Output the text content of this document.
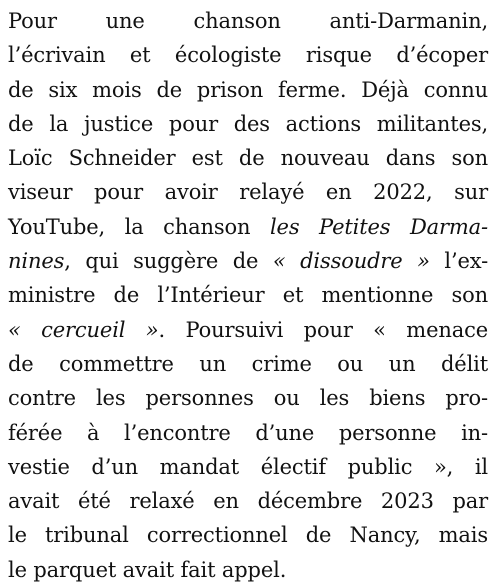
Pour une chanson anti-Darmanin,
l’écrivain et écologiste risque d’écoper
de six mois de prison ferme. Déjà connu
de la justice pour des actions militantes,
Loïc Schneider est de nouveau dans son
viseur pour avoir relayé en 2022, sur
YouTube, la chanson les Petites Darma-
nines, qui suggère de « dissoudre » l’ex-
ministre de l’Intérieur et mentionne son
« cercueil ». Poursuivi pour « menace
de commettre un crime ou un délit
contre les personnes ou les biens pro-
férée à l’encontre d’une personne in-
vestie d’un mandat électif public », il
avait été relaxé en décembre 2023 par
le tribunal correctionnel de Nancy, mais
le parquet avait fait appel.
